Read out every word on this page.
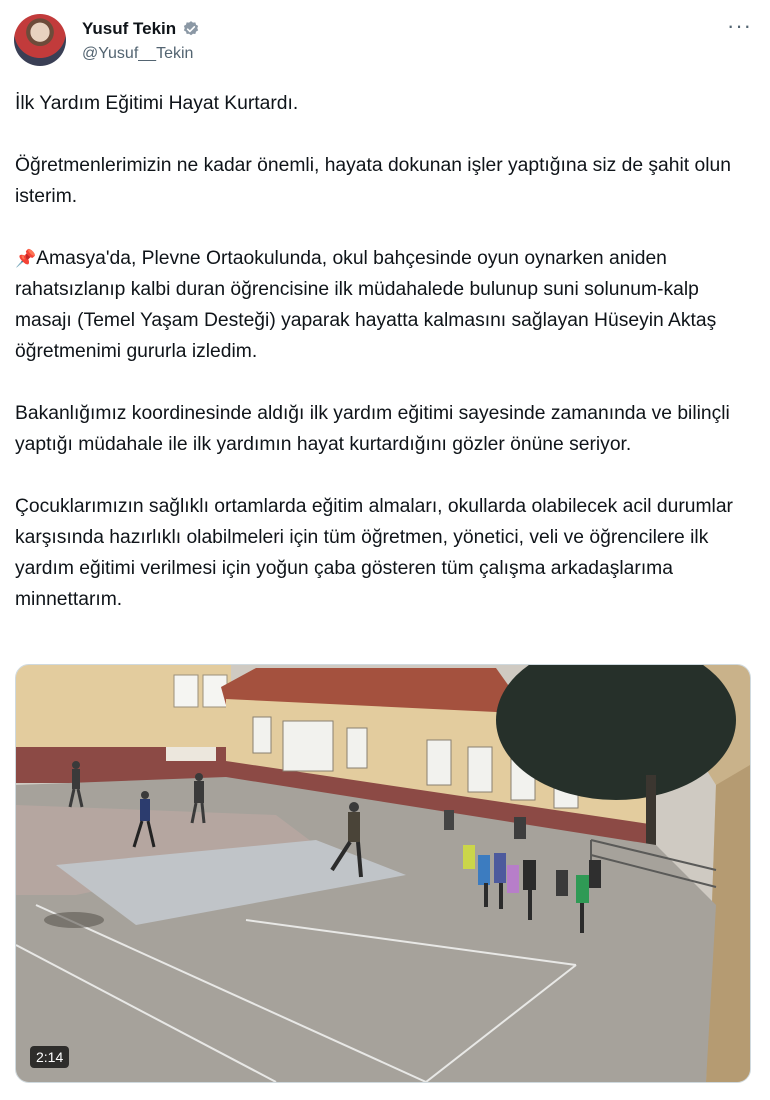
Yusuf Tekin
@Yusuf__Tekin
···

İlk Yardım Eğitimi Hayat Kurtardı.

Öğretmenlerimizin ne kadar önemli, hayata dokunan işler yaptığına siz de şahit olun isterim.

📌Amasya'da, Plevne Ortaokulunda, okul bahçesinde oyun oynarken aniden rahatsızlanıp kalbi duran öğrencisine ilk müdahalede bulunup suni solunum-kalp masajı (Temel Yaşam Desteği) yaparak hayatta kalmasını sağlayan Hüseyin Aktaş öğretmenimi gururla izledim.

Bakanlığımız koordinesinde aldığı ilk yardım eğitimi sayesinde zamanında ve bilinçli yaptığı müdahale ile ilk yardımın hayat kurtardığını gözler önüne seriyor.

Çocuklarımızın sağlıklı ortamlarda eğitim almaları, okullarda olabilecek acil durumlar karşısında hazırlıklı olabilmeleri için tüm öğretmen, yönetici, veli ve öğrencilere ilk yardım eğitimi verilmesi için yoğun çaba gösteren tüm çalışma arkadaşlarıma minnettarım.

2:14
